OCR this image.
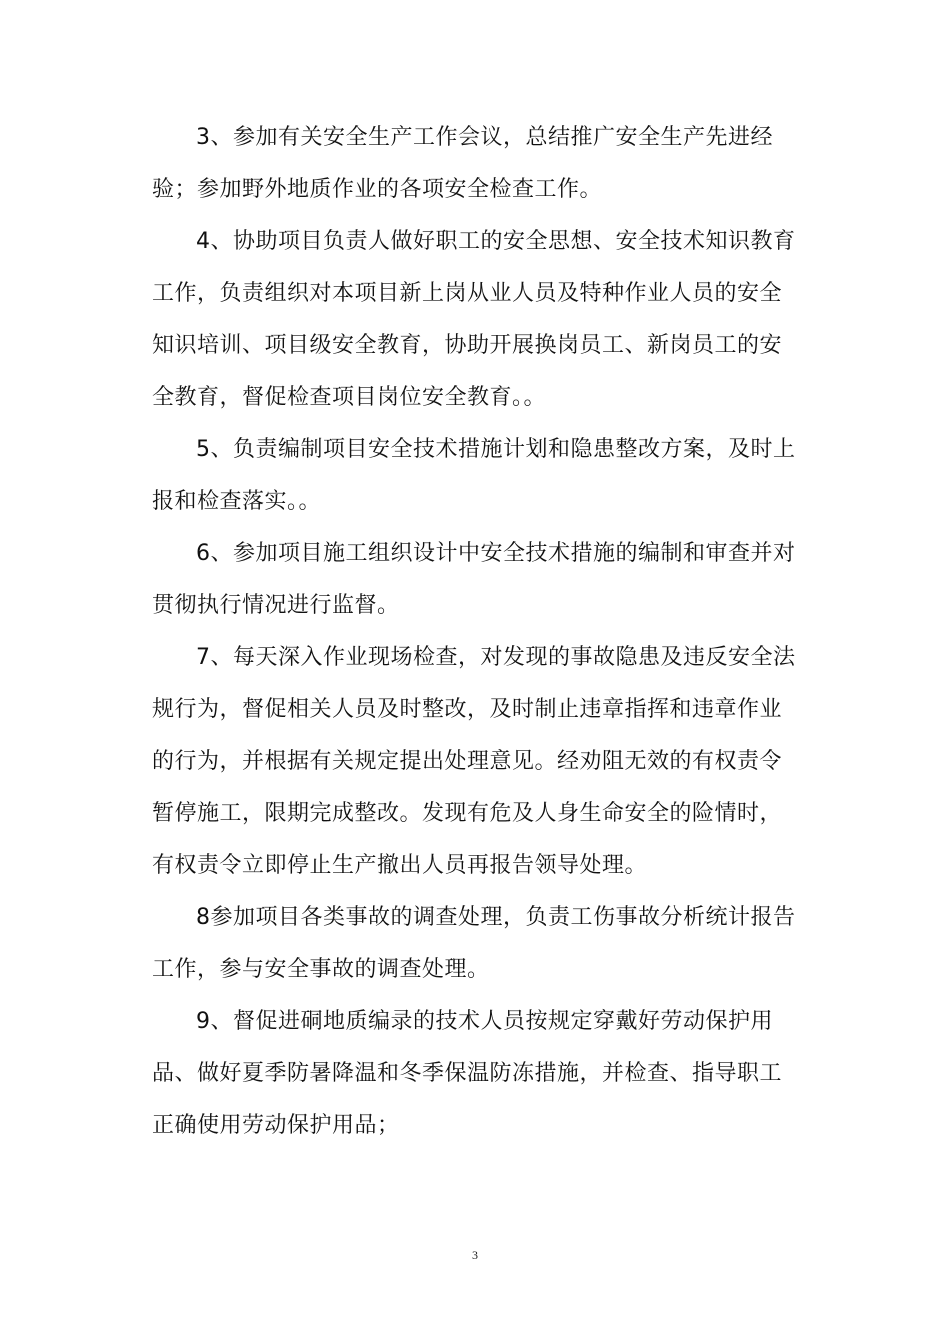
3、参加有关安全生产工作会议，总结推广安全生产先进经验；参加野外地质作业的各项安全检查工作。

4、协助项目负责人做好职工的安全思想、安全技术知识教育工作，负责组织对本项目新上岗从业人员及特种作业人员的安全知识培训、项目级安全教育，协助开展换岗员工、新岗员工的安全教育，督促检查项目岗位安全教育。。

5、负责编制项目安全技术措施计划和隐患整改方案，及时上报和检查落实。。

6、参加项目施工组织设计中安全技术措施的编制和审查并对贯彻执行情况进行监督。

7、每天深入作业现场检查，对发现的事故隐患及违反安全法规行为，督促相关人员及时整改，及时制止违章指挥和违章作业的行为，并根据有关规定提出处理意见。经劝阻无效的有权责令暂停施工，限期完成整改。发现有危及人身生命安全的险情时，有权责令立即停止生产撤出人员再报告领导处理。

8参加项目各类事故的调查处理，负责工伤事故分析统计报告工作，参与安全事故的调查处理。

9、督促进硐地质编录的技术人员按规定穿戴好劳动保护用品、做好夏季防暑降温和冬季保温防冻措施，并检查、指导职工正确使用劳动保护用品；

3
